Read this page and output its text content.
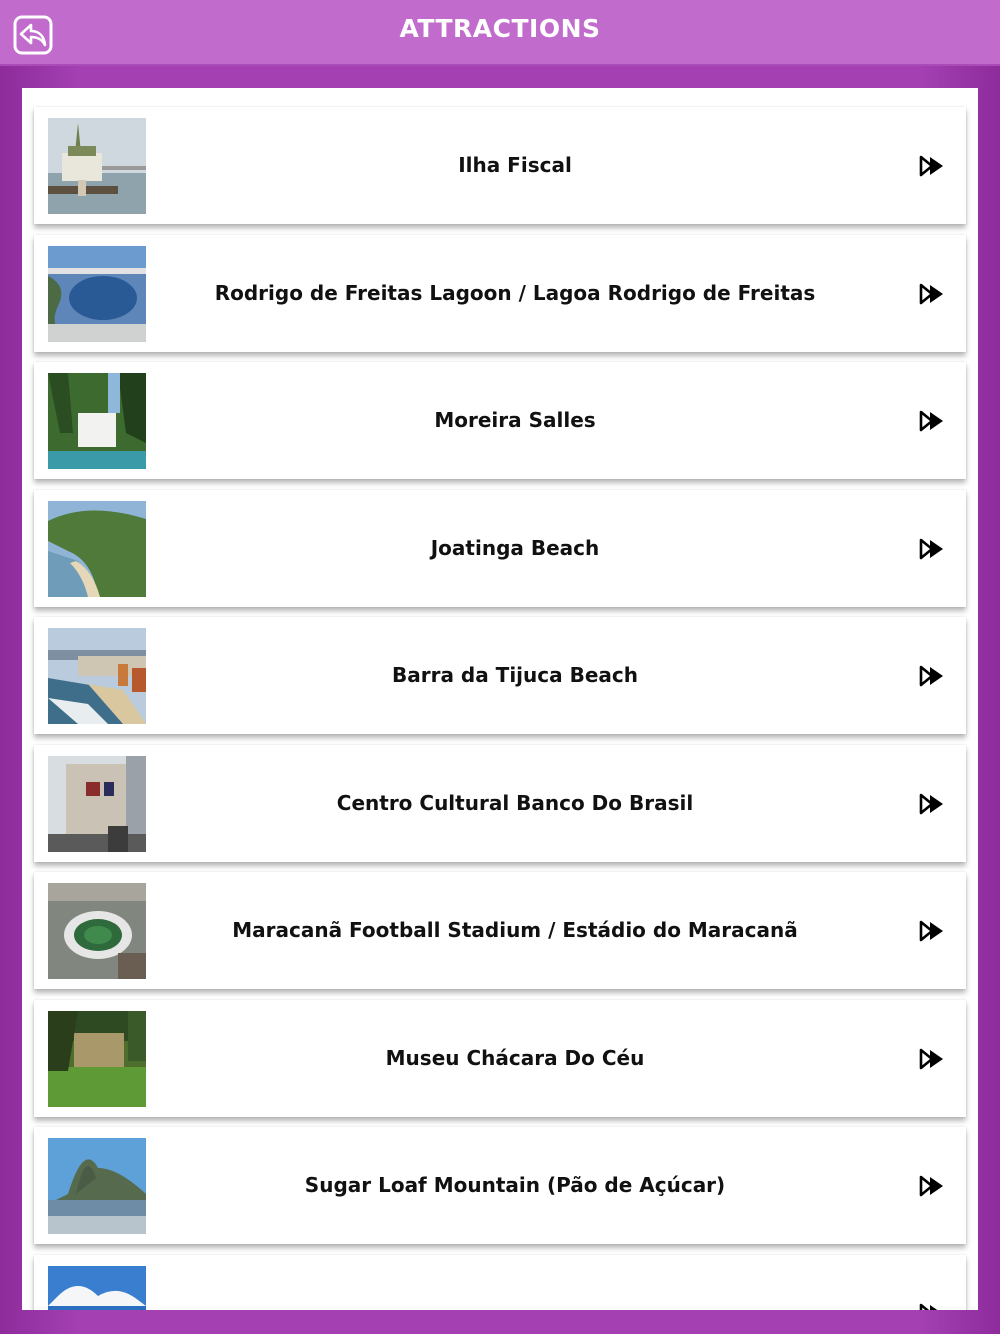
ATTRACTIONS
Ilha Fiscal
Rodrigo de Freitas Lagoon / Lagoa Rodrigo de Freitas
Moreira Salles
Joatinga Beach
Barra da Tijuca Beach
Centro Cultural Banco Do Brasil
Maracanã Football Stadium / Estádio do Maracanã
Museu Chácara Do Céu
Sugar Loaf Mountain (Pão de Açúcar)
